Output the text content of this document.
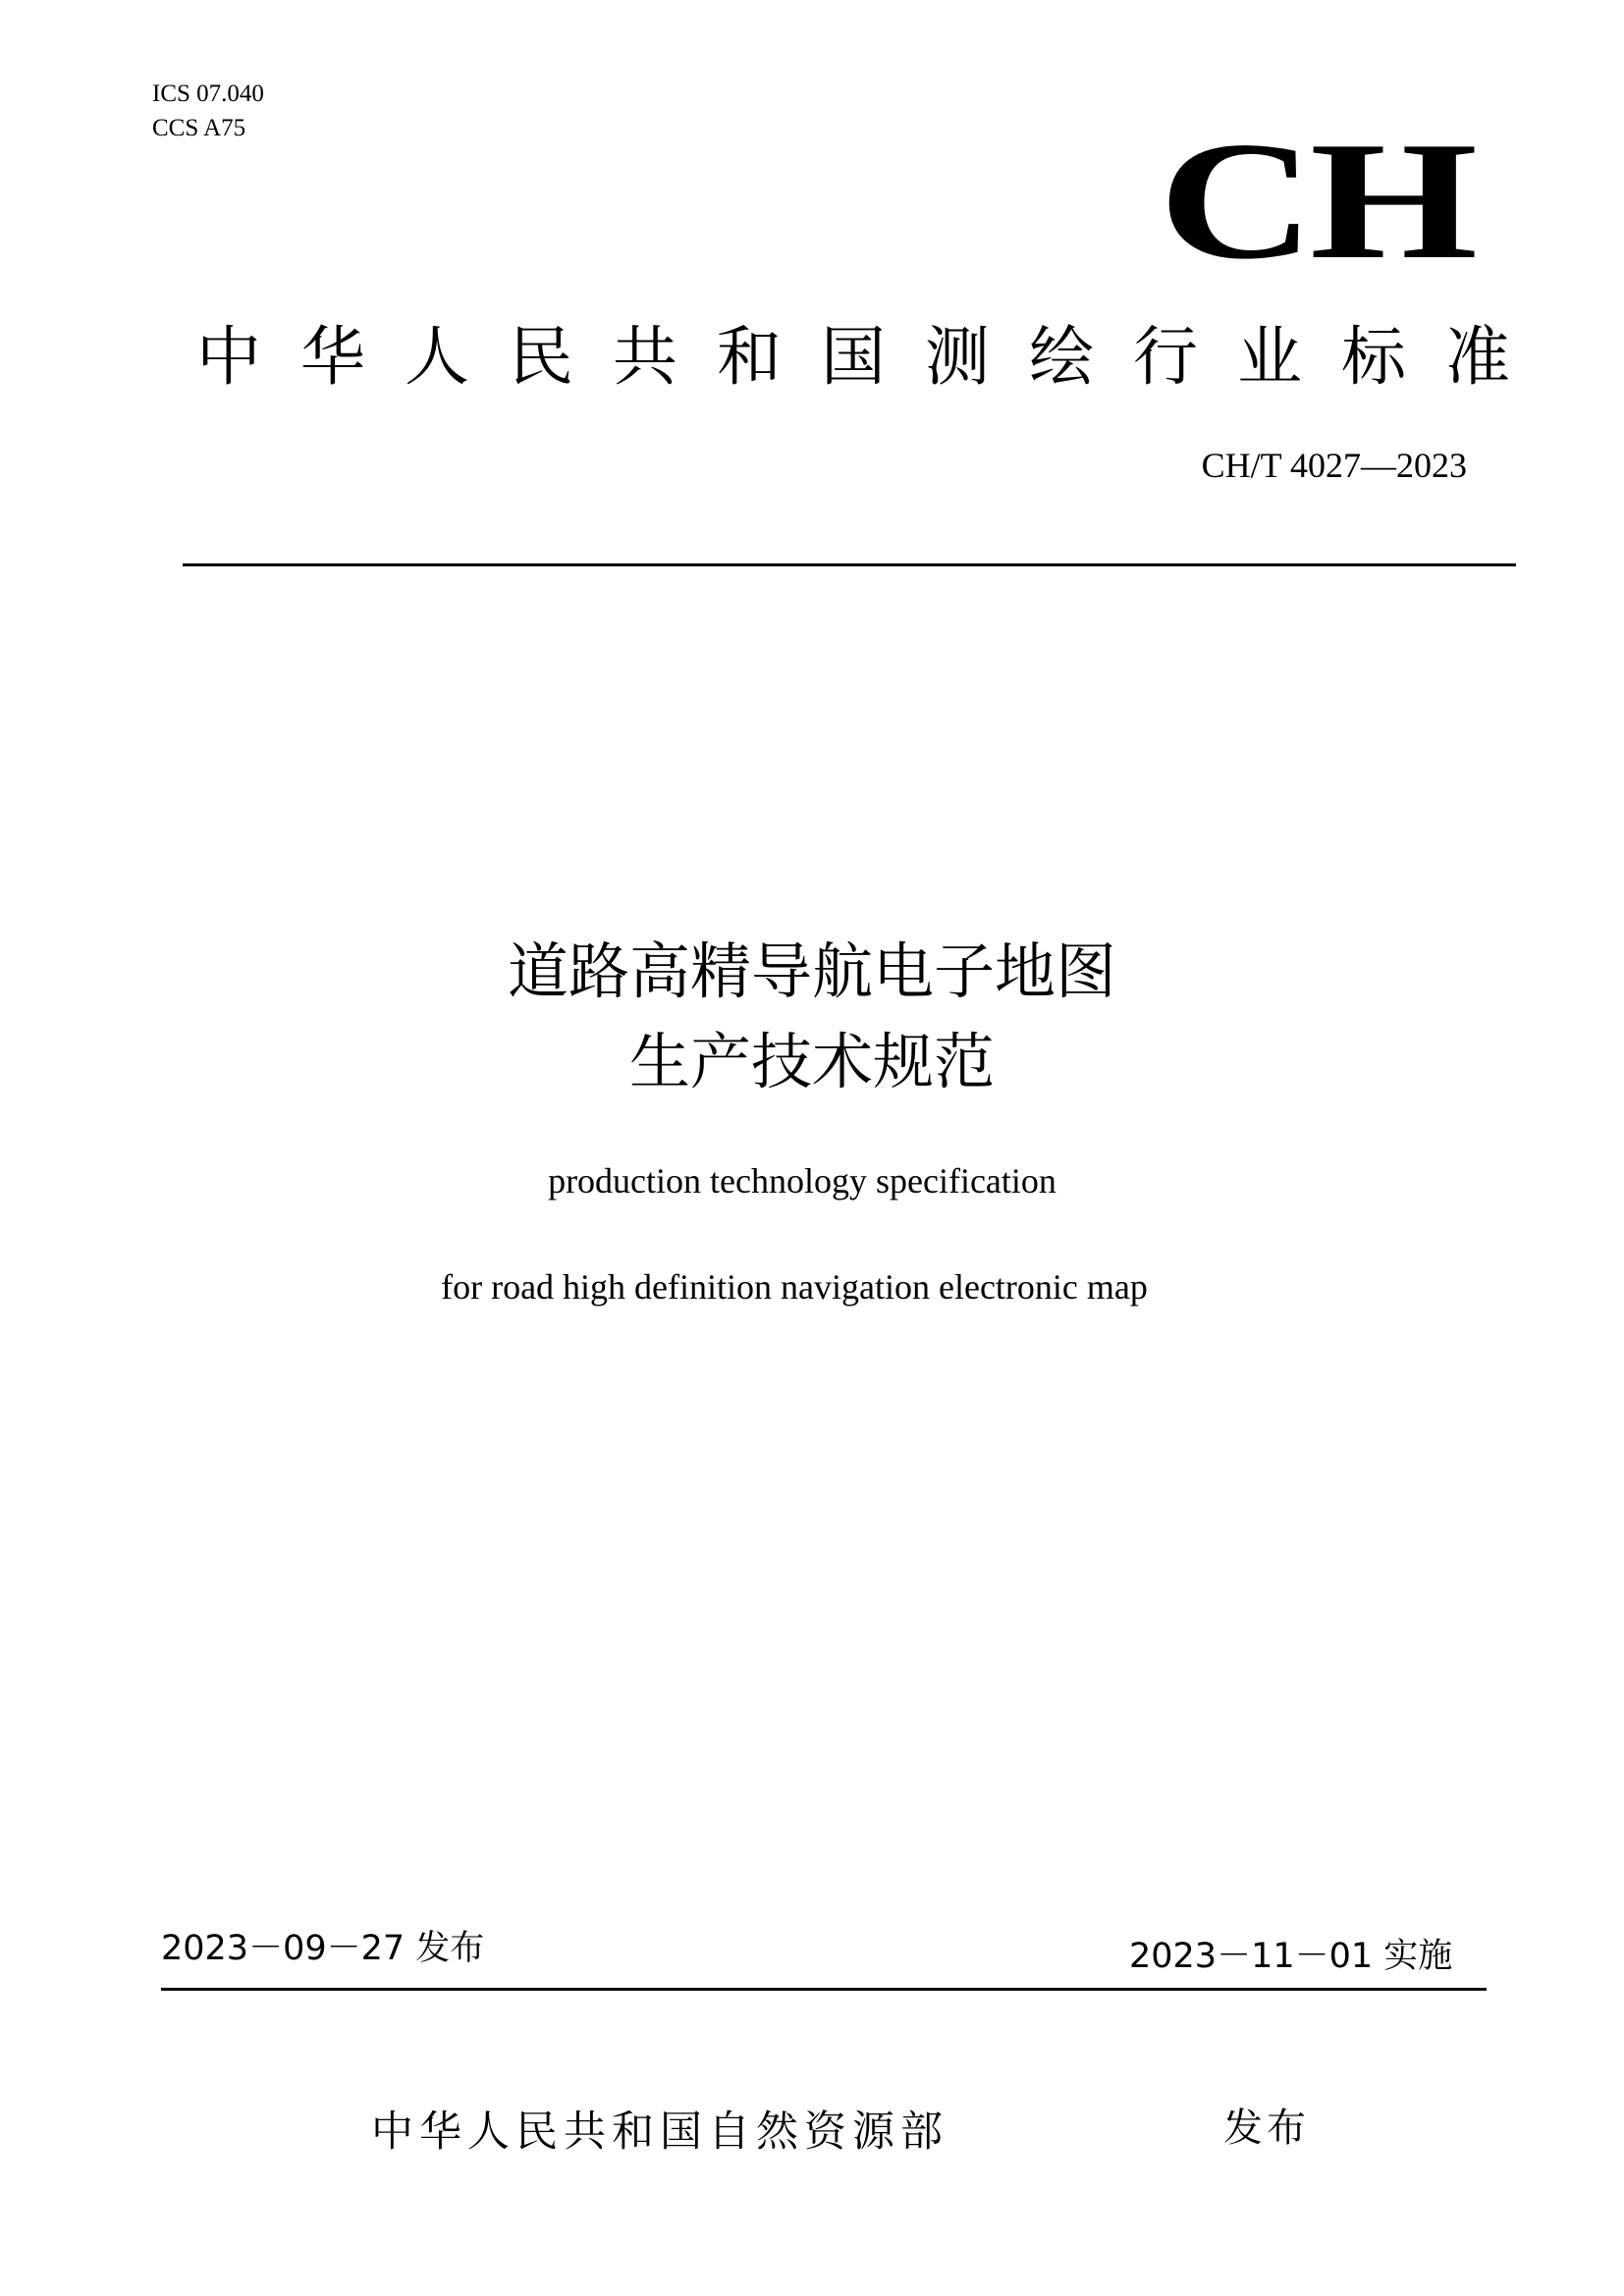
ICS 07.040
CCS A75	CH
中华人民共和国测绘行业标准
CH/T 4027—2023
道路高精导航电子地图
生产技术规范
production technology specification
for road high definition navigation electronic map
2023－09－27 发布	2023－11－01 实施
中华人民共和国自然资源部	发布
